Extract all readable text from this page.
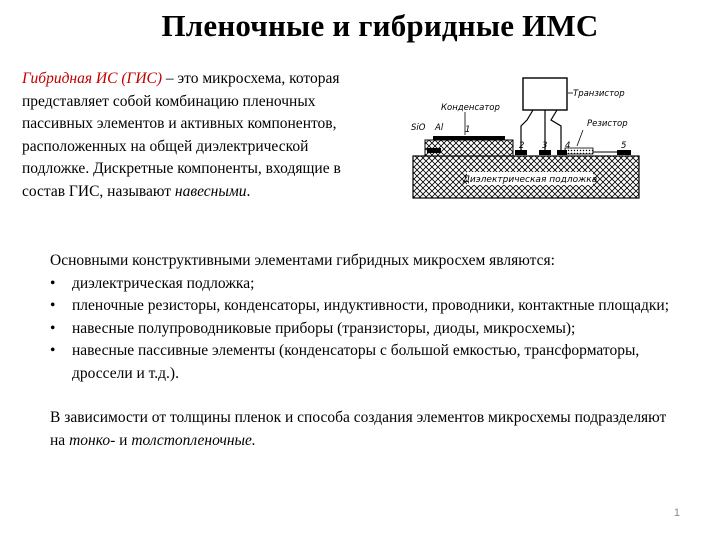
Пленочные и гибридные ИМС
Гибридная ИС (ГИС) – это микросхема, которая представляет собой комбинацию пленочных пассивных элементов и активных компонентов, расположенных на общей диэлектрической подложке. Дискретные компоненты, входящие в состав ГИС, называют навесными.
Диэлектрическая подложка
Конденсатор
Транзистор
Резистор
SiO Al	1
2 3 4	5
Основными конструктивными элементами гибридных микросхем являются:
• диэлектрическая подложка;
• пленочные резисторы, конденсаторы, индуктивности, проводники, контактные площадки;
• навесные полупроводниковые приборы (транзисторы, диоды, микросхемы);
• навесные пассивные элементы (конденсаторы с большой емкостью, трансформаторы, дроссели и т.д.).
В зависимости от толщины пленок и способа создания элементов микросхемы подразделяют на тонко- и толстопленочные.
1
